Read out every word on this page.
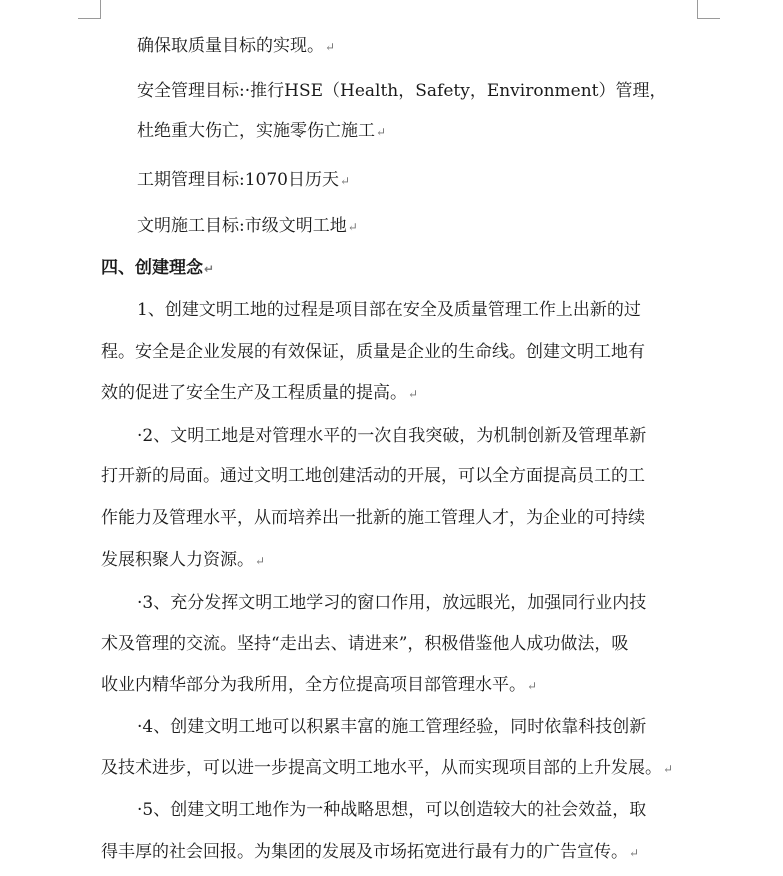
确保取质量目标的实现。↵
安全管理目标:·推行HSE（Health，Safety，Environment）管理，
杜绝重大伤亡，实施零伤亡施工↵
工期管理目标:1070日历天↵
文明施工目标:市级文明工地↵
四、创建理念↵
1、创建文明工地的过程是项目部在安全及质量管理工作上出新的过
程。安全是企业发展的有效保证，质量是企业的生命线。创建文明工地有
效的促进了安全生产及工程质量的提高。↵
·2、文明工地是对管理水平的一次自我突破，为机制创新及管理革新
打开新的局面。通过文明工地创建活动的开展，可以全方面提高员工的工
作能力及管理水平，从而培养出一批新的施工管理人才，为企业的可持续
发展积聚人力资源。↵
·3、充分发挥文明工地学习的窗口作用，放远眼光，加强同行业内技
术及管理的交流。坚持“走出去、请进来”，积极借鉴他人成功做法，吸
收业内精华部分为我所用，全方位提高项目部管理水平。↵
·4、创建文明工地可以积累丰富的施工管理经验，同时依靠科技创新
及技术进步，可以进一步提高文明工地水平，从而实现项目部的上升发展。↵
·5、创建文明工地作为一种战略思想，可以创造较大的社会效益，取
得丰厚的社会回报。为集团的发展及市场拓宽进行最有力的广告宣传。↵
